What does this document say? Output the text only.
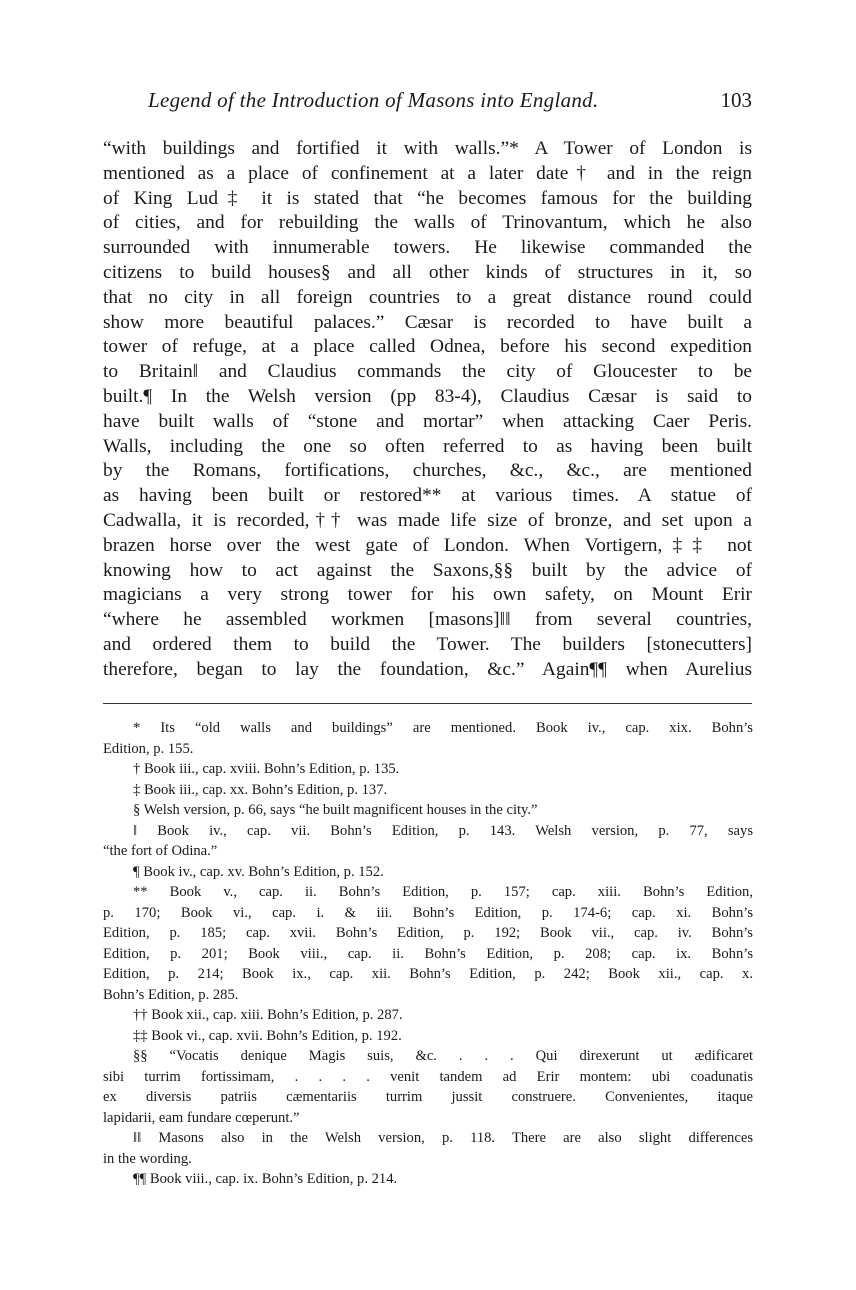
Legend of the Introduction of Masons into England.	103
“with buildings and fortified it with walls.”* A Tower of London is
mentioned as a place of confinement at a later date† and in the reign
of King Lud‡ it is stated that “he becomes famous for the building
of cities, and for rebuilding the walls of Trinovantum, which he also
surrounded with innumerable towers. He likewise commanded the
citizens to build houses§ and all other kinds of structures in it, so
that no city in all foreign countries to a great distance round could
show more beautiful palaces.” Cæsar is recorded to have built a
tower of refuge, at a place called Odnea, before his second expedition
to Britain‖ and Claudius commands the city of Gloucester to be
built.¶ In the Welsh version (pp 83-4), Claudius Cæsar is said to
have built walls of “stone and mortar” when attacking Caer Peris.
Walls, including the one so often referred to as having been built
by the Romans, fortifications, churches, &c., &c., are mentioned
as having been built or restored** at various times. A statue of
Cadwalla, it is recorded,†† was made life size of bronze, and set upon a
brazen horse over the west gate of London. When Vortigern,‡‡ not
knowing how to act against the Saxons,§§ built by the advice of
magicians a very strong tower for his own safety, on Mount Erir
“where he assembled workmen [masons]‖‖ from several countries,
and ordered them to build the Tower. The builders [stonecutters]
therefore, began to lay the foundation, &c.” Again¶¶ when Aurelius
* Its “old walls and buildings” are mentioned. Book iv., cap. xix. Bohn’s
Edition, p. 155.
† Book iii., cap. xviii. Bohn’s Edition, p. 135.
‡ Book iii., cap. xx. Bohn’s Edition, p. 137.
§ Welsh version, p. 66, says “he built magnificent houses in the city.”
‖ Book iv., cap. vii. Bohn’s Edition, p. 143. Welsh version, p. 77, says
“the fort of Odina.”
¶ Book iv., cap. xv. Bohn’s Edition, p. 152.
** Book v., cap. ii. Bohn’s Edition, p. 157; cap. xiii. Bohn’s Edition,
p. 170; Book vi., cap. i. & iii. Bohn’s Edition, p. 174-6; cap. xi. Bohn’s
Edition, p. 185; cap. xvii. Bohn’s Edition, p. 192; Book vii., cap. iv. Bohn’s
Edition, p. 201; Book viii., cap. ii. Bohn’s Edition, p. 208; cap. ix. Bohn’s
Edition, p. 214; Book ix., cap. xii. Bohn’s Edition, p. 242; Book xii., cap. x.
Bohn’s Edition, p. 285.
†† Book xii., cap. xiii. Bohn’s Edition, p. 287.
‡‡ Book vi., cap. xvii. Bohn’s Edition, p. 192.
§§ “Vocatis denique Magis suis, &c. . . . Qui direxerunt ut ædificaret
sibi turrim fortissimam, . . . . venit tandem ad Erir montem: ubi coadunatis
ex diversis patriis cæmentariis turrim jussit construere. Convenientes, itaque
lapidarii, eam fundare cœperunt.”
‖‖ Masons also in the Welsh version, p. 118. There are also slight differences
in the wording.
¶¶ Book viii., cap. ix. Bohn’s Edition, p. 214.
